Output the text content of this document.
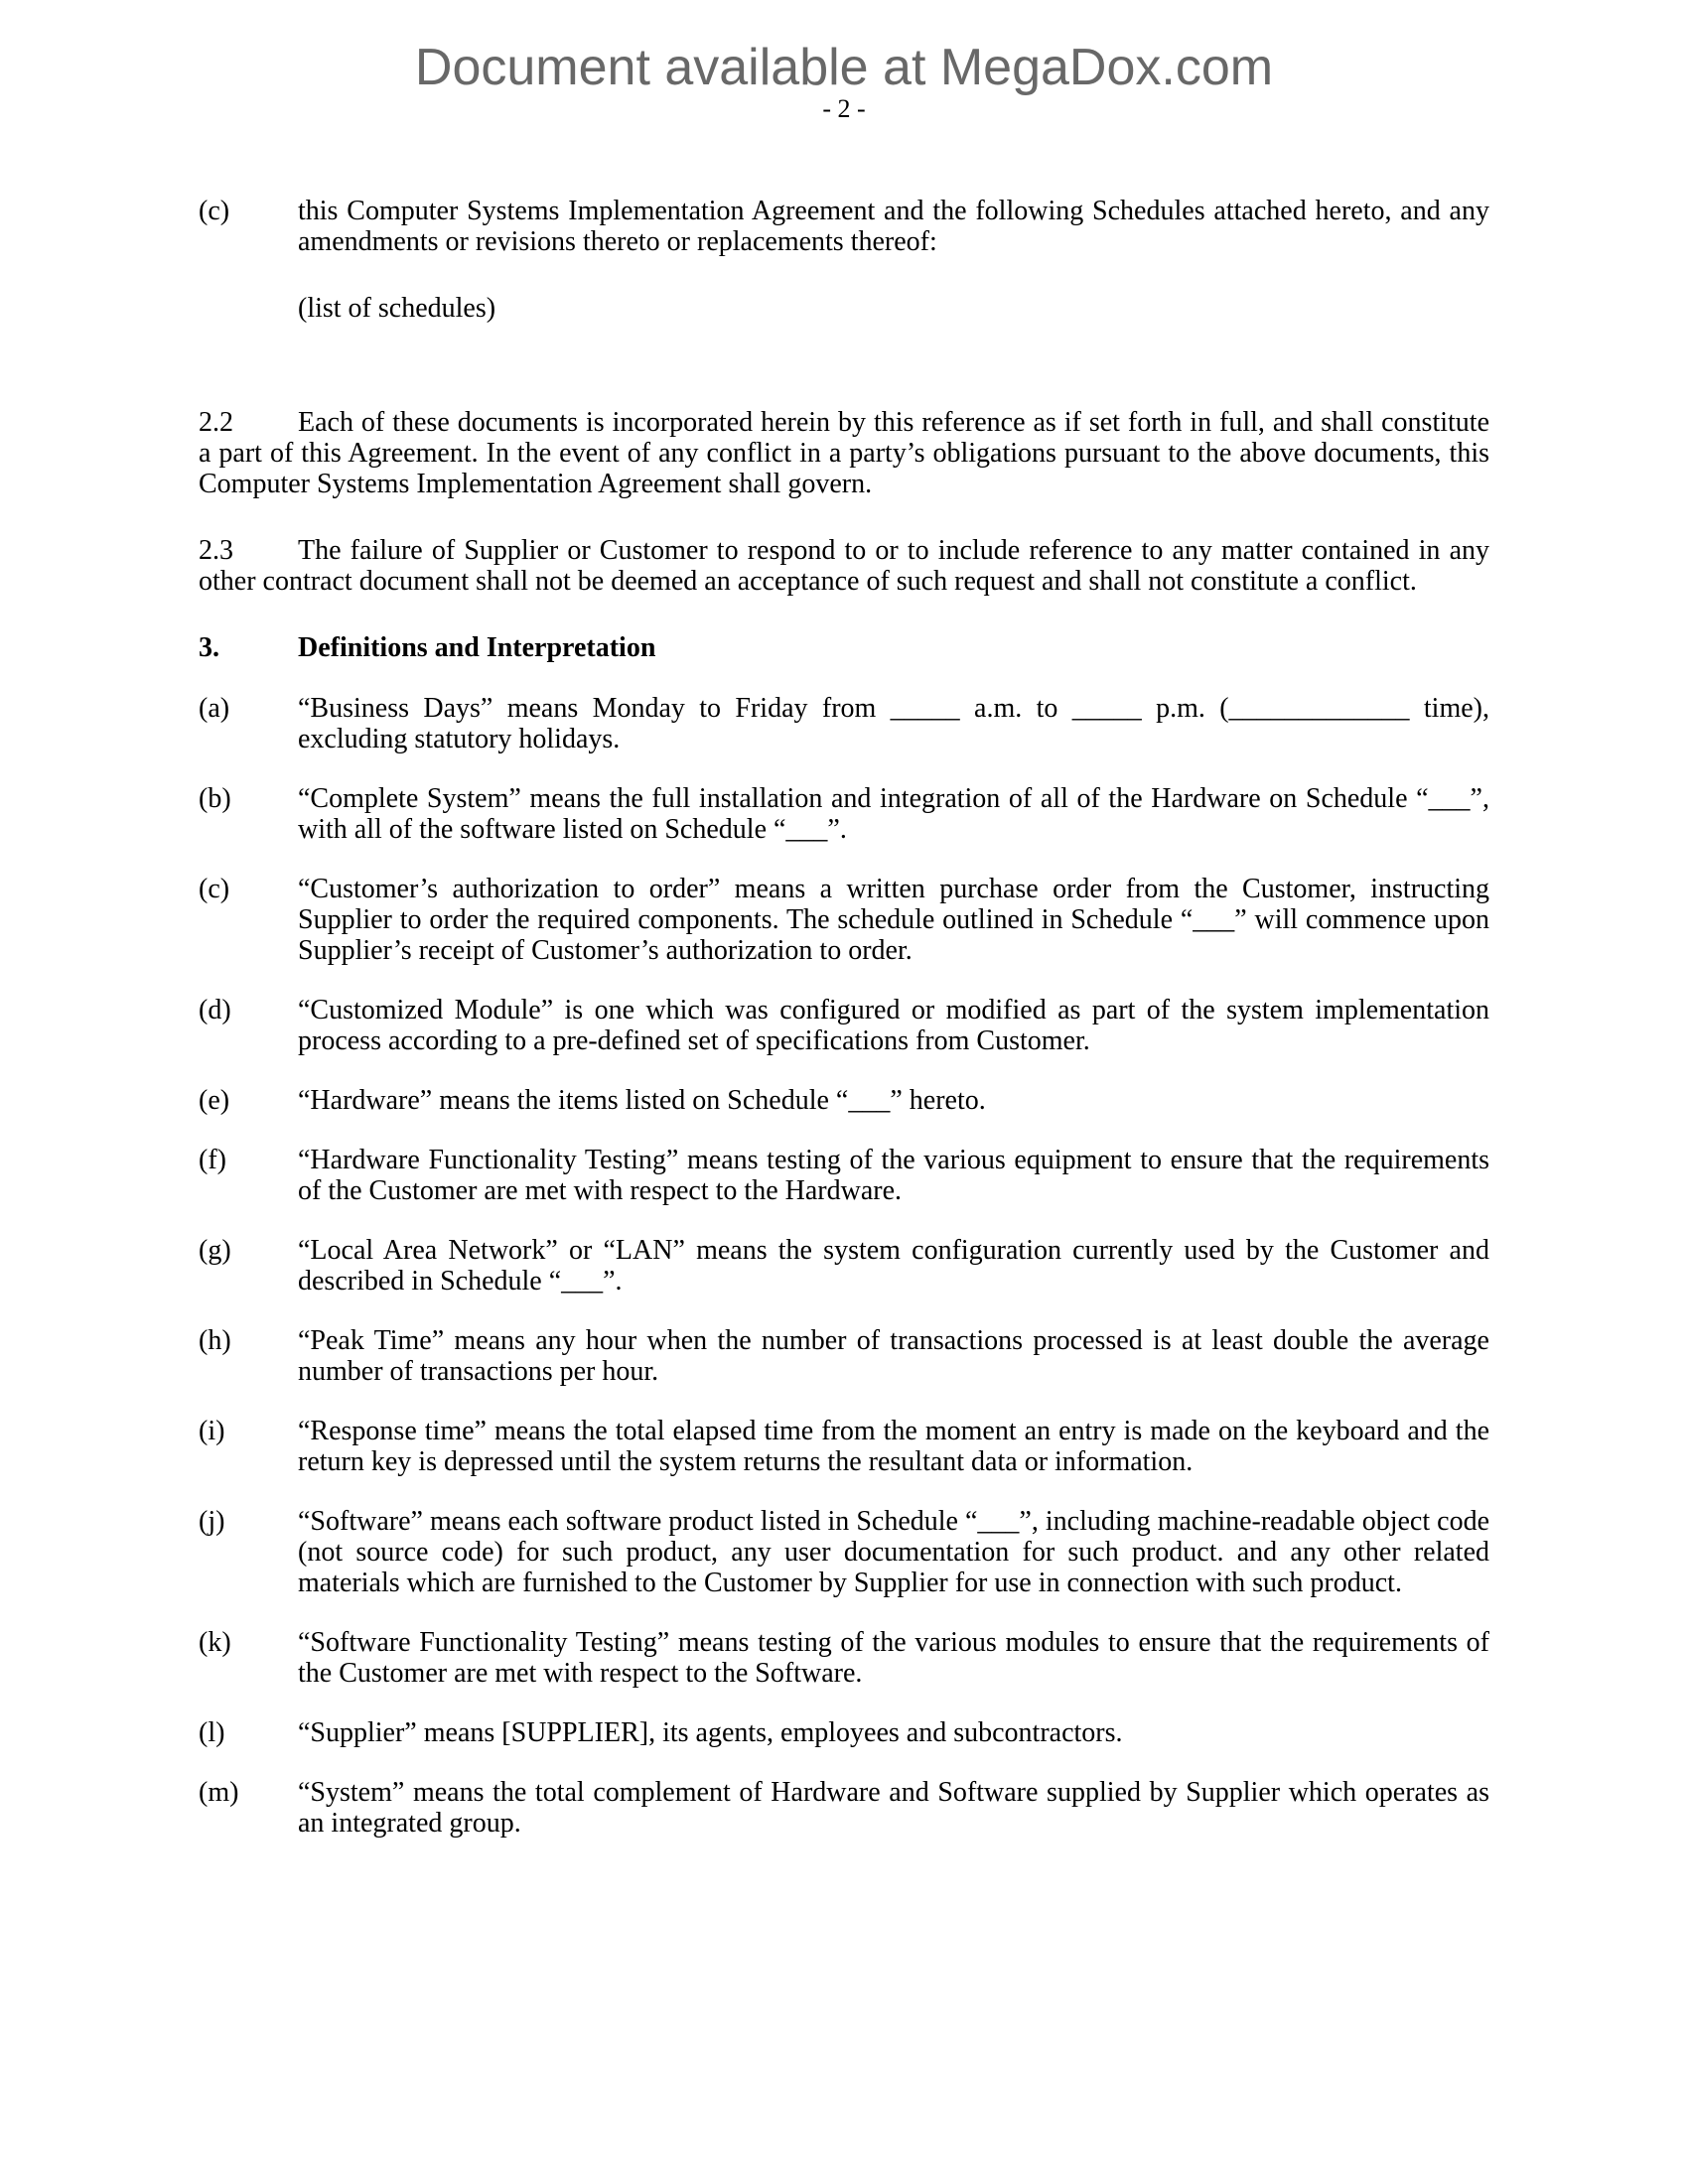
Document available at MegaDox.com
- 2 -
(c)	this Computer Systems Implementation Agreement and the following Schedules attached hereto, and any amendments or revisions thereto or replacements thereof:
(list of schedules)

2.2 Each of these documents is incorporated herein by this reference as if set forth in full, and shall constitute a part of this Agreement. In the event of any conflict in a party’s obligations pursuant to the above documents, this Computer Systems Implementation Agreement shall govern.

2.3 The failure of Supplier or Customer to respond to or to include reference to any matter contained in any other contract document shall not be deemed an acceptance of such request and shall not constitute a conflict.

3.	Definitions and Interpretation
(a)	“Business Days” means Monday to Friday from _____ a.m. to _____ p.m. (_____________ time), excluding statutory holidays.
(b)	“Complete System” means the full installation and integration of all of the Hardware on Schedule “___”, with all of the software listed on Schedule “___”.
(c)	“Customer’s authorization to order” means a written purchase order from the Customer, instructing Supplier to order the required components. The schedule outlined in Schedule “___” will commence upon Supplier’s receipt of Customer’s authorization to order.
(d)	“Customized Module” is one which was configured or modified as part of the system implementation process according to a pre-defined set of specifications from Customer.
(e)	“Hardware” means the items listed on Schedule “___” hereto.
(f)	“Hardware Functionality Testing” means testing of the various equipment to ensure that the requirements of the Customer are met with respect to the Hardware.
(g)	“Local Area Network” or “LAN” means the system configuration currently used by the Customer and described in Schedule “___”.
(h)	“Peak Time” means any hour when the number of transactions processed is at least double the average number of transactions per hour.
(i)	“Response time” means the total elapsed time from the moment an entry is made on the keyboard and the return key is depressed until the system returns the resultant data or information.
(j)	“Software” means each software product listed in Schedule “___”, including machine-readable object code (not source code) for such product, any user documentation for such product. and any other related materials which are furnished to the Customer by Supplier for use in connection with such product.
(k)	“Software Functionality Testing” means testing of the various modules to ensure that the requirements of the Customer are met with respect to the Software.
(l)	“Supplier” means [SUPPLIER], its agents, employees and subcontractors.
(m)	“System” means the total complement of Hardware and Software supplied by Supplier which operates as an integrated group.
